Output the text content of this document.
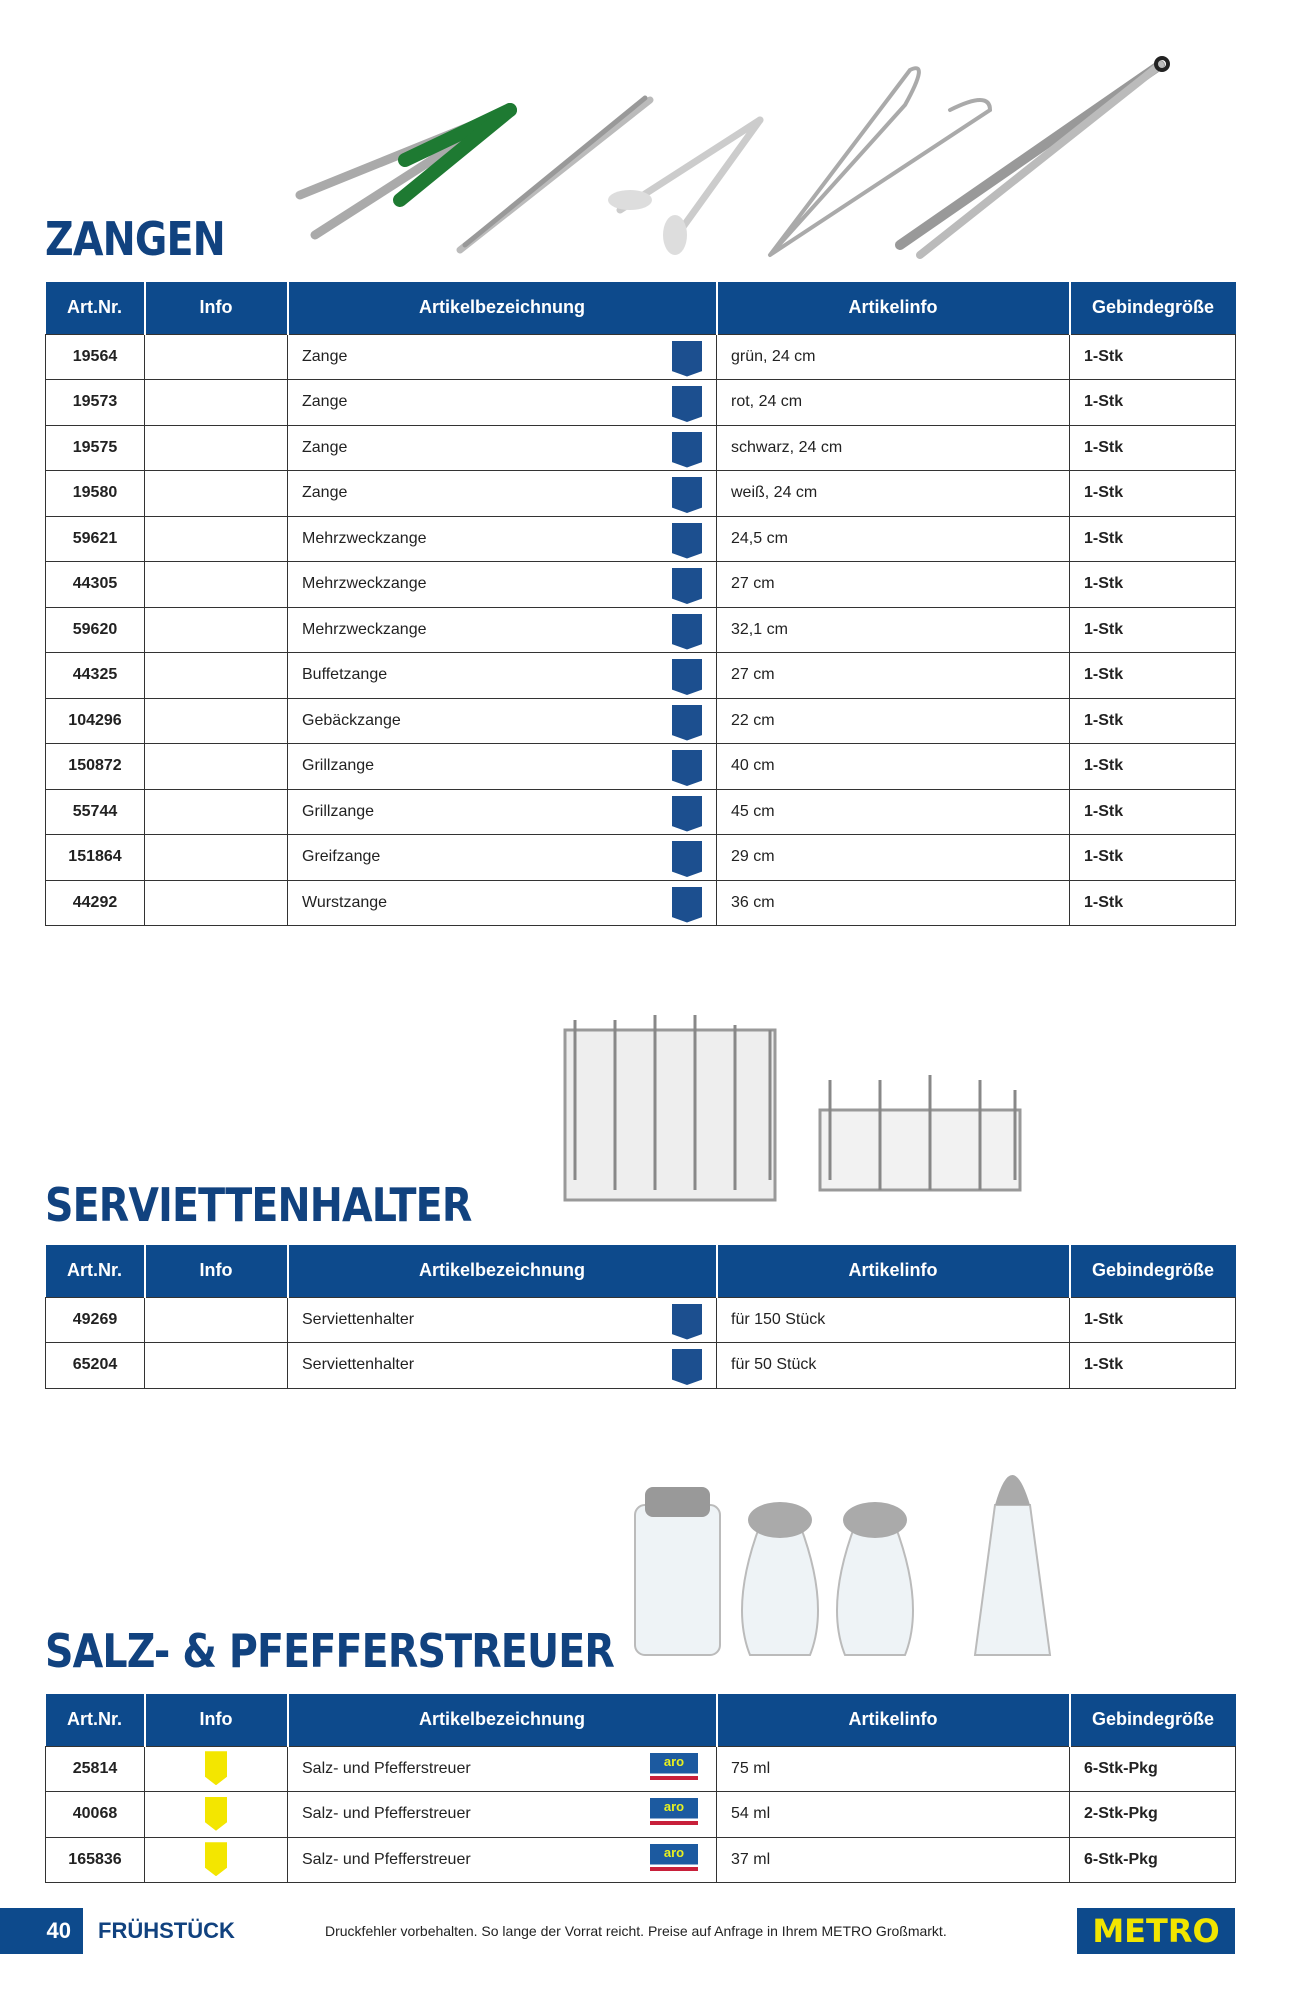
ZANGEN
Art.Nr.	Info	Artikelbezeichnung	Artikelinfo	Gebindegröße
19564		Zange	grün, 24 cm	1-Stk
19573		Zange	rot, 24 cm	1-Stk
19575		Zange	schwarz, 24 cm	1-Stk
19580		Zange	weiß, 24 cm	1-Stk
59621		Mehrzweckzange	24,5 cm	1-Stk
44305		Mehrzweckzange	27 cm	1-Stk
59620		Mehrzweckzange	32,1 cm	1-Stk
44325		Buffetzange	27 cm	1-Stk
104296		Gebäckzange	22 cm	1-Stk
150872		Grillzange	40 cm	1-Stk
55744		Grillzange	45 cm	1-Stk
151864		Greifzange	29 cm	1-Stk
44292		Wurstzange	36 cm	1-Stk
SERVIETTENHALTER
Art.Nr.	Info	Artikelbezeichnung	Artikelinfo	Gebindegröße
49269		Serviettenhalter	für 150 Stück	1-Stk
65204		Serviettenhalter	für 50 Stück	1-Stk
SALZ- & PFEFFERSTREUER
Art.Nr.	Info	Artikelbezeichnung	Artikelinfo	Gebindegröße
25814		Salz- und Pfefferstreuer aro	75 ml	6-Stk-Pkg
40068		Salz- und Pfefferstreuer aro	54 ml	2-Stk-Pkg
165836		Salz- und Pfefferstreuer aro	37 ml	6-Stk-Pkg
40	FRÜHSTÜCK	Druckfehler vorbehalten. So lange der Vorrat reicht. Preise auf Anfrage in Ihrem METRO Großmarkt.	METRO
